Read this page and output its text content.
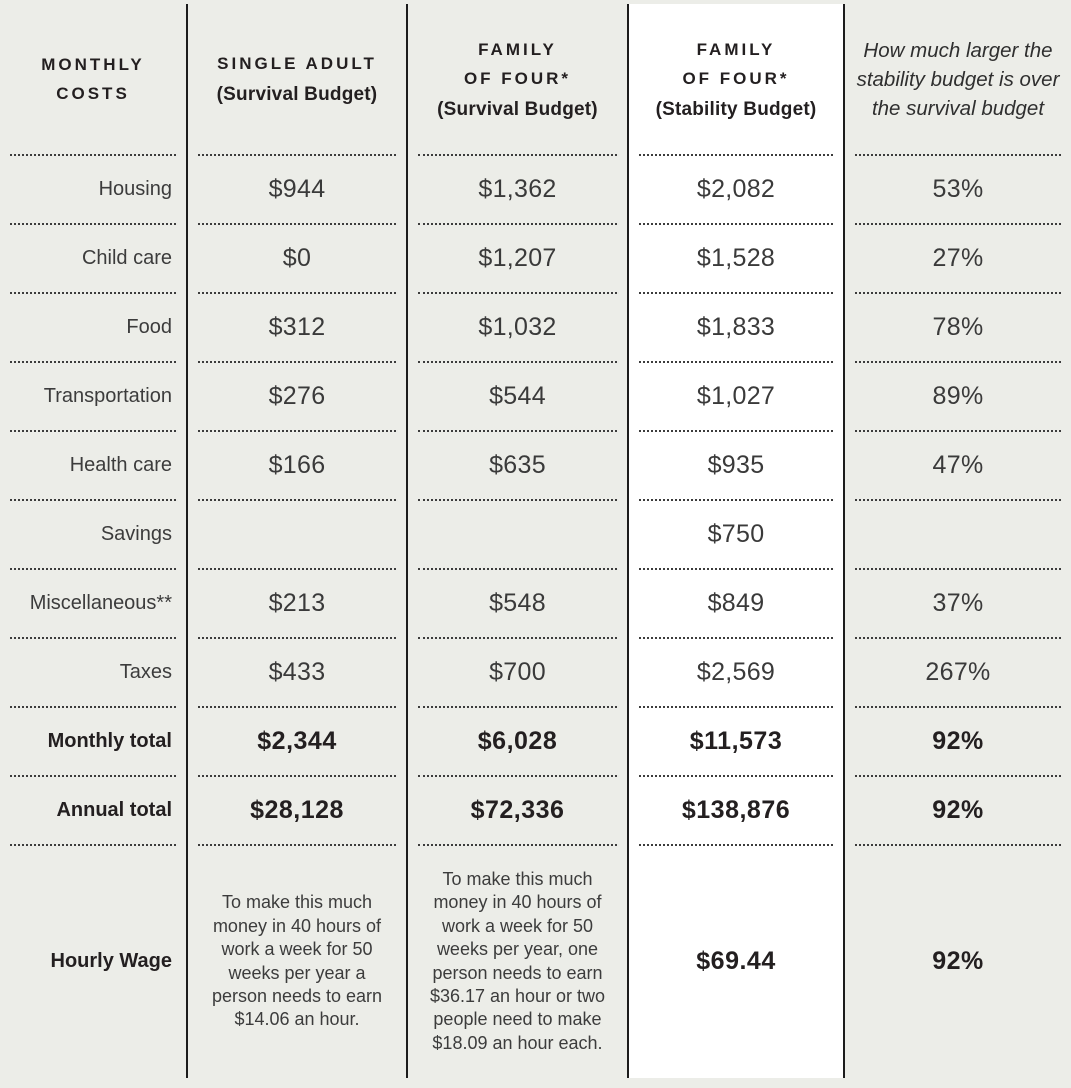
MONTHLY
COSTS
Housing
Child care
Food
Transportation
Health care
Savings
Miscellaneous**
Taxes
Monthly total
Annual total
Hourly Wage
SINGLE ADULT
(Survival Budget)
$944
$0
$312
$276
$166
$213
$433
$2,344
$28,128

To make this much money in 40 hours of work a week for 50 weeks per year a person needs to earn $14.06 an hour.

FAMILY
OF FOUR*
(Survival Budget)
$1,362
$1,207
$1,032
$544
$635
$548
$700
$6,028
$72,336

To make this much money in 40 hours of work a week for 50 weeks per year, one person needs to earn $36.17 an hour or two people need to make $18.09 an hour each.

FAMILY
OF FOUR*
(Stability Budget)
$2,082
$1,528
$1,833
$1,027
$935
$750
$849
$2,569
$11,573
$138,876
$69.44
How much larger the stability budget is over the survival budget
53%
27%
78%
89%
47%
37%
267%
92%
92%
92%
